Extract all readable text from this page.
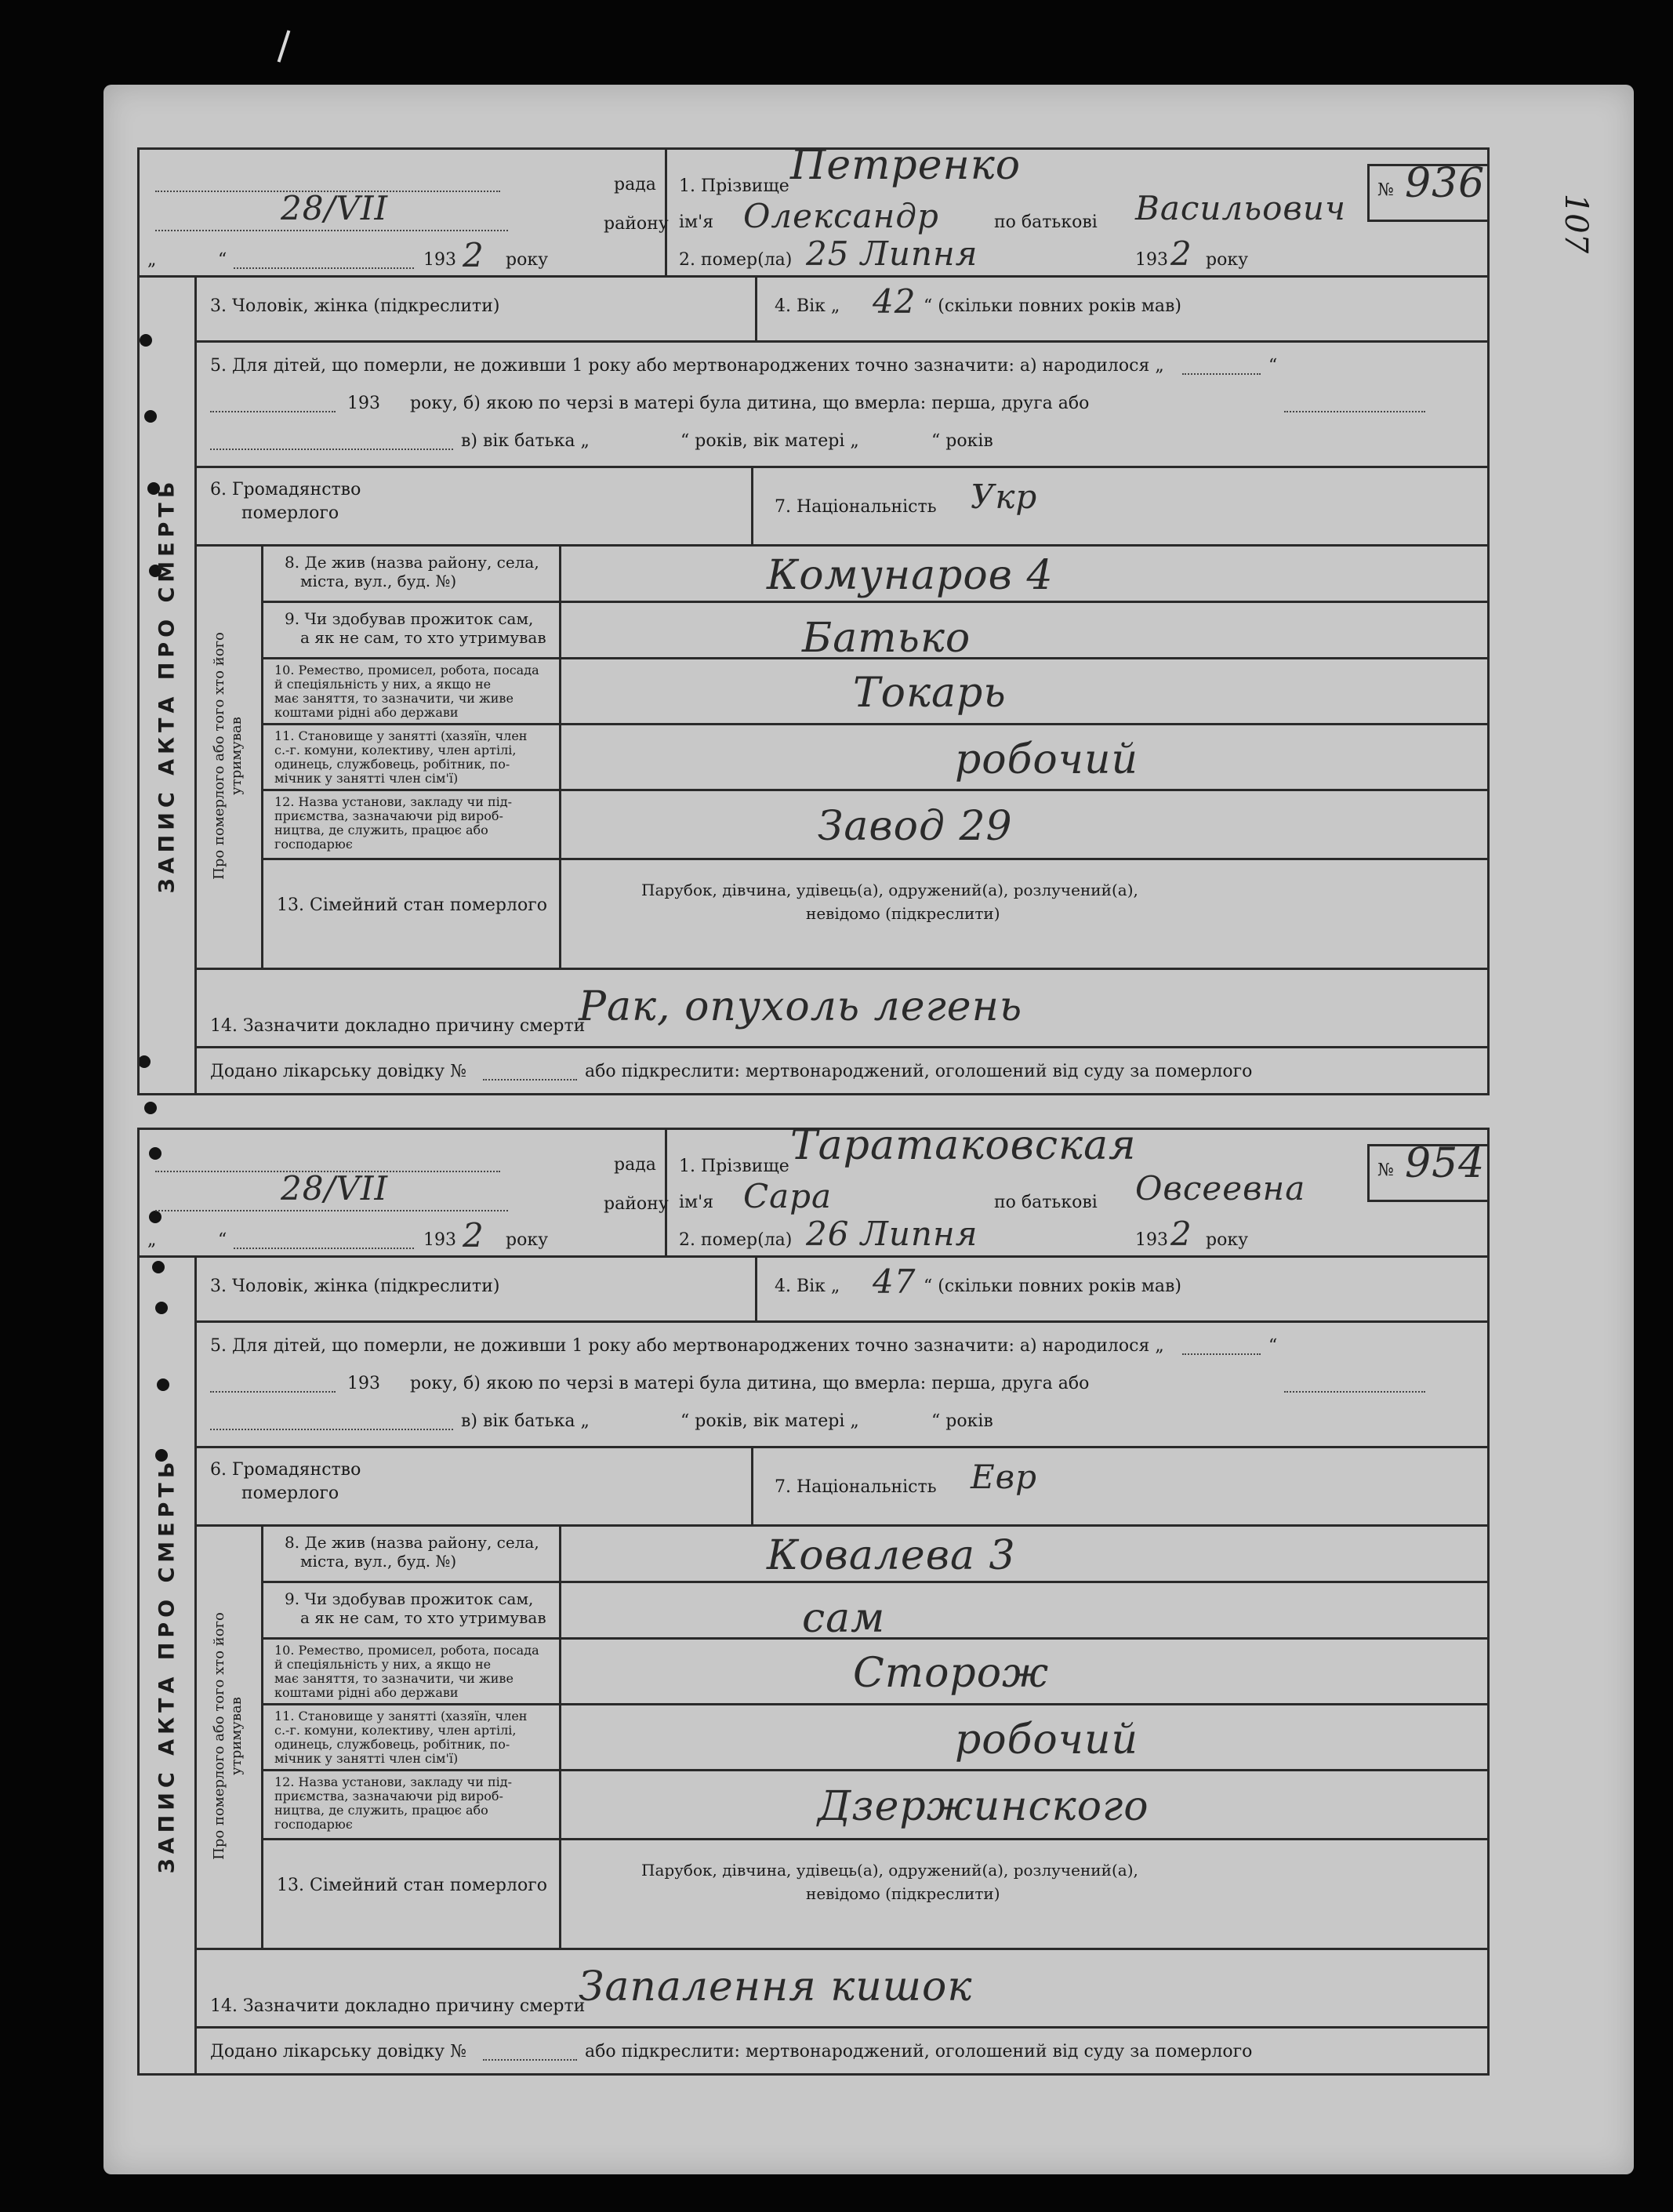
107
рада
району
28/VII
„	“	193 2 року
1. Прізвище Петренко
ім'я Олександр	по батькові Васильович
2. помер(ла) 25 Липня	193 2 року
№ 936
ЗАПИС АКТА ПРО СМЕРТЬ
3. Чоловік, жінка (підкреслити)	4. Вік „ 42 “ (скільки повних років мав)
5. Для дітей, що померли, не доживши 1 року або мертвонароджених точно зазначити: а) народилося „	“
193 року, б) якою по черзі в матері була дитина, що вмерла: перша, друга або
в) вік батька „	“ років, вік матері „	“ років
6. Громадянство
померлого	7. Національність Укр
Про померлого або того хто його утримував
8. Де жив (назва району, села,
міста, вул., буд. №)	Комунаров 4
9. Чи здобував прожиток сам,
а як не сам, то хто утримував	Батько
10. Ремество, промисел, робота, посада
й спеціяльність у них, а якщо не
має заняття, то зазначити, чи живе
коштами рідні або держави	Токарь
11. Становище у занятті (хазяїн, член
с.-г. комуни, колективу, член артілі,
одинець, службовець, робітник, по-
мічник у занятті член сім'ї)	робочий
12. Назва установи, закладу чи під-
приємства, зазначаючи рід вироб-
ництва, де служить, працює або
господарює	Завод 29
13. Сімейний стан померлого
Парубок, дівчина, удівець(а), одружений(а), розлучений(а),
невідомо (підкреслити)
14. Зазначити докладно причину смерти
Рак, опухоль легень
Додано лікарську довідку №	або підкреслити: мертвонароджений, оголошений від суду за померлого
рада
району
28/VII
„	“	193 2 року
1. Прізвище Таратаковская
ім'я Сара	по батькові Овсеевна
2. помер(ла) 26 Липня	193 2 року
№ 954
ЗАПИС АКТА ПРО СМЕРТЬ
3. Чоловік, жінка (підкреслити)	4. Вік „ 47 “ (скільки повних років мав)
5. Для дітей, що померли, не доживши 1 року або мертвонароджених точно зазначити: а) народилося „	“
193 року, б) якою по черзі в матері була дитина, що вмерла: перша, друга або
в) вік батька „	“ років, вік матері „	“ років
6. Громадянство
померлого	7. Національність Евр
Про померлого або того хто його утримував
8. Де жив (назва району, села,
міста, вул., буд. №)	Ковалева 3
9. Чи здобував прожиток сам,
а як не сам, то хто утримував	сам
10. Ремество, промисел, робота, посада
й спеціяльність у них, а якщо не
має заняття, то зазначити, чи живе
коштами рідні або держави	Сторож
11. Становище у занятті (хазяїн, член
с.-г. комуни, колективу, член артілі,
одинець, службовець, робітник, по-
мічник у занятті член сім'ї)	робочий
12. Назва установи, закладу чи під-
приємства, зазначаючи рід вироб-
ництва, де служить, працює або
господарює	Дзержинского
13. Сімейний стан померлого
Парубок, дівчина, удівець(а), одружений(а), розлучений(а),
невідомо (підкреслити)
14. Зазначити докладно причину смерти
Запалення кишок
Додано лікарську довідку №	або підкреслити: мертвонароджений, оголошений від суду за померлого
